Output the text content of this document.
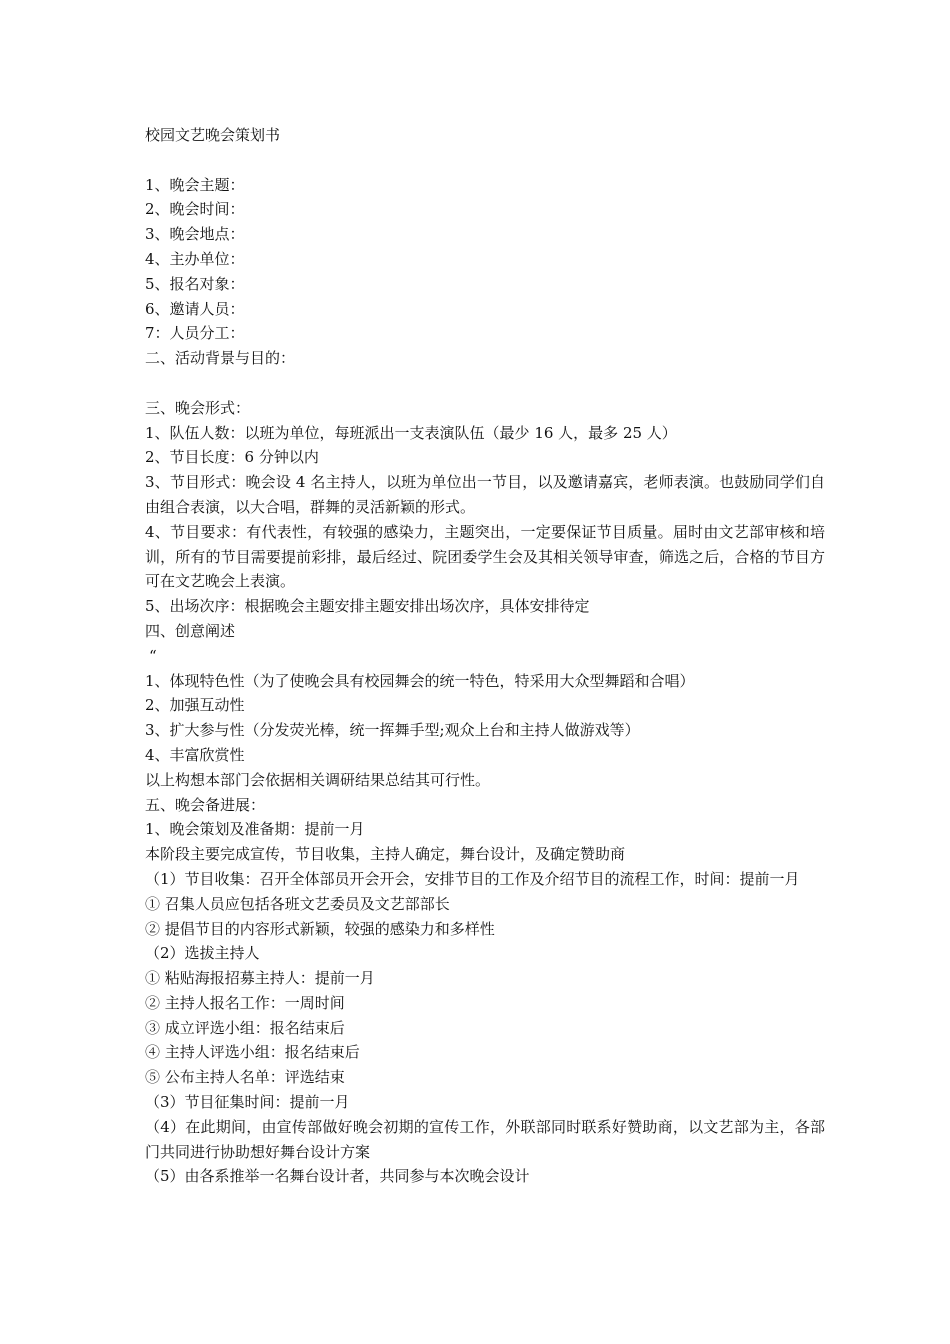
校园文艺晚会策划书

1、晚会主题：

2、晚会时间：

3、晚会地点：

4、主办单位：

5、报名对象：

6、邀请人员：

7：人员分工：

二、活动背景与目的：

三、晚会形式：

1、队伍人数：以班为单位，每班派出一支表演队伍（最少 16 人，最多 25 人）

2、节目长度：6 分钟以内

3、节目形式：晚会设 4 名主持人，以班为单位出一节目，以及邀请嘉宾，老师表演。也鼓励同学们自由组合表演，以大合唱，群舞的灵活新颖的形式。

4、节目要求：有代表性，有较强的感染力，主题突出，一定要保证节目质量。届时由文艺部审核和培训，所有的节目需要提前彩排，最后经过、院团委学生会及其相关领导审查，筛选之后，合格的节目方可在文艺晚会上表演。

5、出场次序：根据晚会主题安排主题安排出场次序，具体安排待定

四、创意阐述

“

1、体现特色性（为了使晚会具有校园舞会的统一特色，特采用大众型舞蹈和合唱）

2、加强互动性

3、扩大参与性（分发荧光棒，统一挥舞手型;观众上台和主持人做游戏等）

4、丰富欣赏性

以上构想本部门会依据相关调研结果总结其可行性。

五、晚会备进展：

1、晚会策划及准备期：提前一月

本阶段主要完成宣传，节目收集，主持人确定，舞台设计，及确定赞助商

（1）节目收集：召开全体部员开会开会，安排节目的工作及介绍节目的流程工作，时间：提前一月

① 召集人员应包括各班文艺委员及文艺部部长

② 提倡节目的内容形式新颖，较强的感染力和多样性

（2）选拔主持人

① 粘贴海报招募主持人：提前一月

② 主持人报名工作：一周时间

③ 成立评选小组：报名结束后

④ 主持人评选小组：报名结束后

⑤ 公布主持人名单：评选结束

（3）节目征集时间：提前一月

（4）在此期间，由宣传部做好晚会初期的宣传工作，外联部同时联系好赞助商，以文艺部为主，各部门共同进行协助想好舞台设计方案

（5）由各系推举一名舞台设计者，共同参与本次晚会设计
